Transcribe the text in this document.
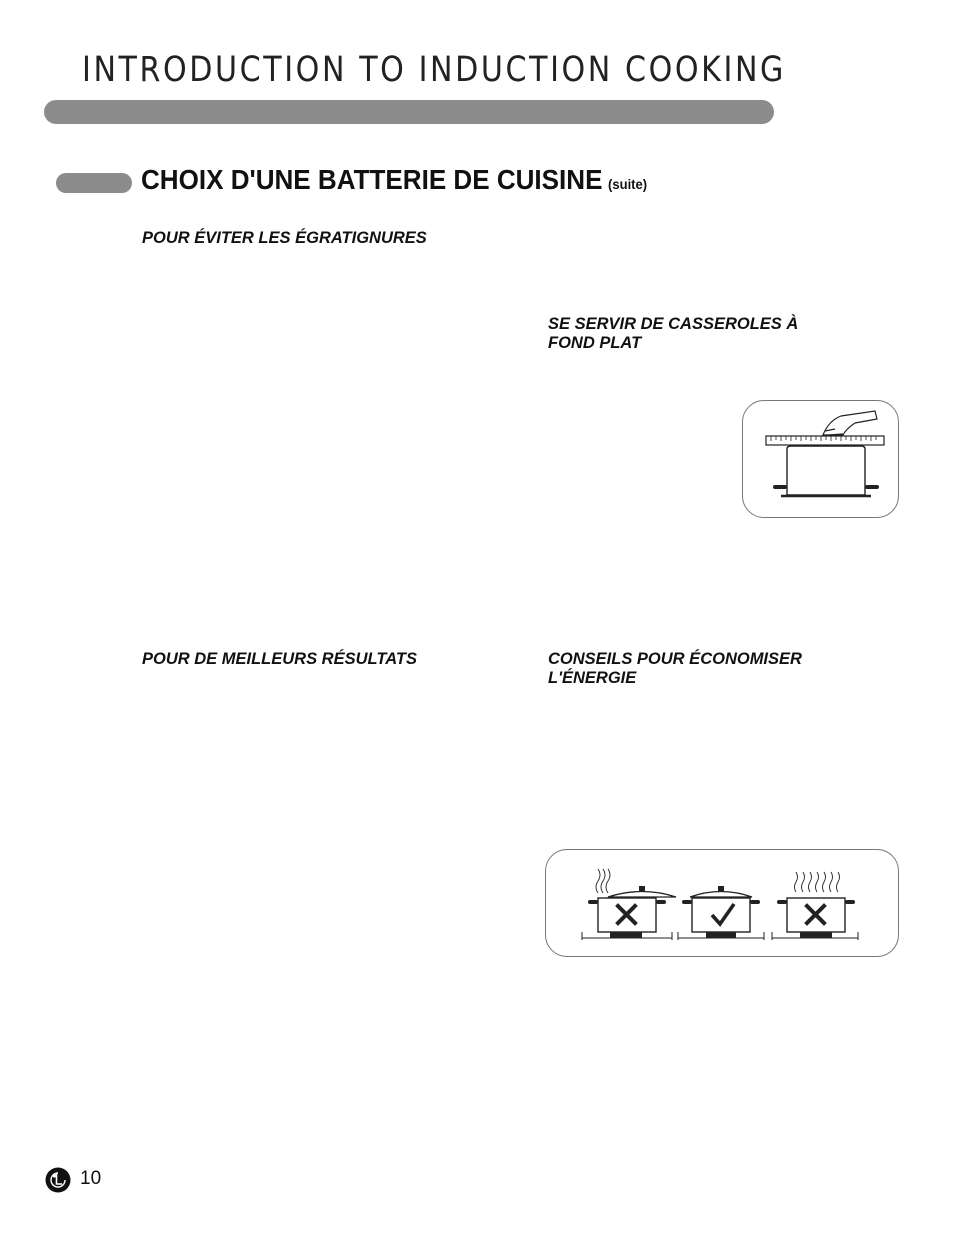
INTRODUCTION TO INDUCTION COOKING
CHOIX D'UNE BATTERIE DE CUISINE (suite)
POUR ÉVITER LES ÉGRATIGNURES
SE SERVIR DE CASSEROLES À
FOND PLAT
POUR DE MEILLEURS RÉSULTATS	CONSEILS POUR ÉCONOMISER
L'ÉNERGIE
10
